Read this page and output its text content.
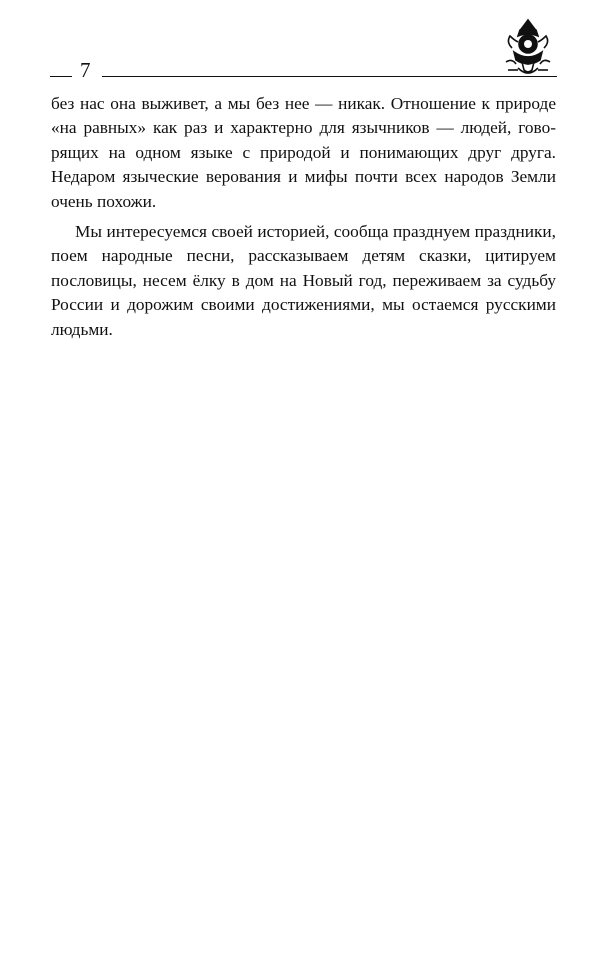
7

без нас она выживет, а мы без нее — никак. Отношение к природе «на равных» как раз и характерно для язычников — людей, говорящих на одном языке с природой и понимающих друг друга. Недаром языческие верования и мифы почти всех народов Земли очень похожи.

Мы интересуемся своей историей, сообща празднуем праздники, поем народные песни, рассказываем детям сказки, цитируем пословицы, несем ёлку в дом на Новый год, переживаем за судьбу России и дорожим своими достижениями, мы остаемся русскими людьми.
